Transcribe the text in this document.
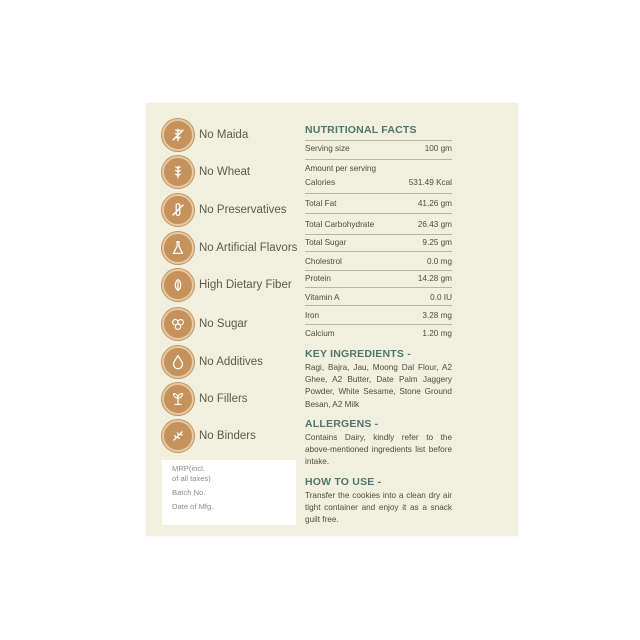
No Maida
No Wheat
No Preservatives
No Artificial Flavors
High Dietary Fiber
No Sugar
No Additives
No Fillers
No Binders
MRP(incl.
of all taxes)
Batch No.
Date of Mfg.
NUTRITIONAL FACTS
Serving size	100 gm
Amount per serving
Calories	531.49 Kcal
Total Fat	41.26 gm
Total Carbohydrate	26.43 gm
Total Sugar	9.25 gm
Cholestrol	0.0 mg
Protein	14.28 gm
Vitamin A	0.0 IU
Iron	3.28 mg
Calcium	1.20 mg
KEY INGREDIENTS -
Ragi, Bajra, Jau, Moong Dal Flour, A2 Ghee, A2 Butter, Date Palm Jaggery Powder, White Sesame, Stone Ground Besan, A2 Milk
ALLERGENS -
Contains Dairy, kindly refer to the above-mentioned ingredients list before intake.
HOW TO USE -
Transfer the cookies into a clean dry air tight container and enjoy it as a snack guilt free.
